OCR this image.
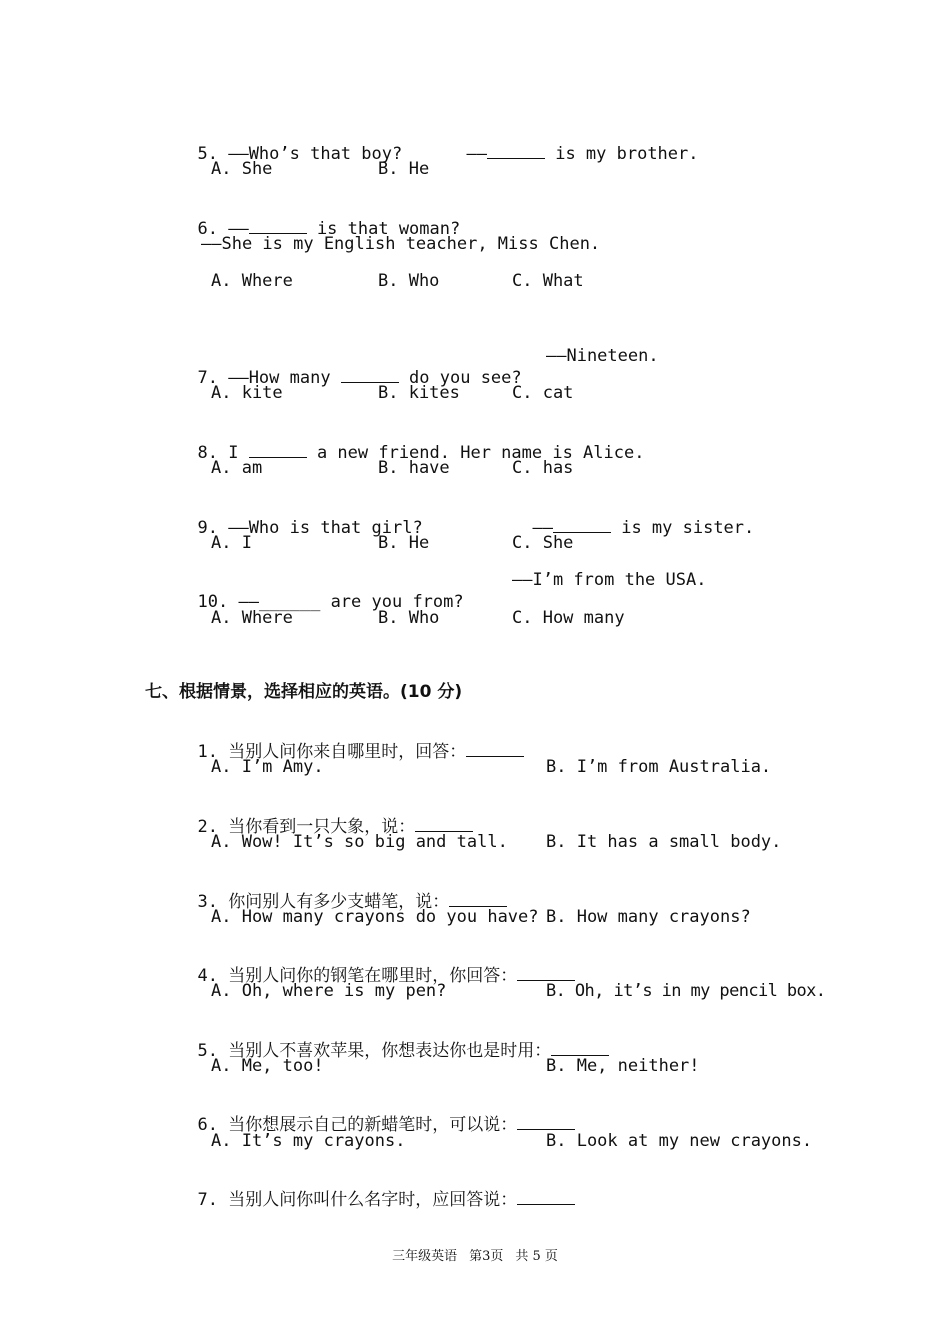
5. ——Who’s that boy?	——	is my brother.

A. She	B. He

6. ——	is that woman?

——She is my English teacher, Miss Chen.
A. Where	B. Who	C. What

7. ——How many	do you see?

——Nineteen.
A. kite	B. kites	C. cat

8. I	a new friend. Her name is Alice.

A. am	B. have	C. has

9. ——Who is that girl?	——	is my sister.

A. I	B. He	C. She

10. ——______ are you from?

——I’m from the USA.
A. Where	B. Who	C. How many
七、根据情景，选择相应的英语。(10 分)

1. 当别人问你来自哪里时，回答：

A. I’m Amy.	B. I’m from Australia.

2. 当你看到一只大象，说：

A. Wow! It’s so big and tall. B. It has a small body.

3. 你问别人有多少支蜡笔，说：

A. How many crayons do you have? B. How many crayons?

4. 当别人问你的钢笔在哪里时，你回答：

A. Oh, where is my pen?	B. Oh, it’s in my pencil box.

5. 当别人不喜欢苹果，你想表达你也是时用：

A. Me, too!	B. Me, neither!

6. 当你想展示自己的新蜡笔时，可以说：

A. It’s my crayons.	B. Look at my new crayons.

7. 当别人问你叫什么名字时，应回答说：

三年级英语 第3页 共 5 页
